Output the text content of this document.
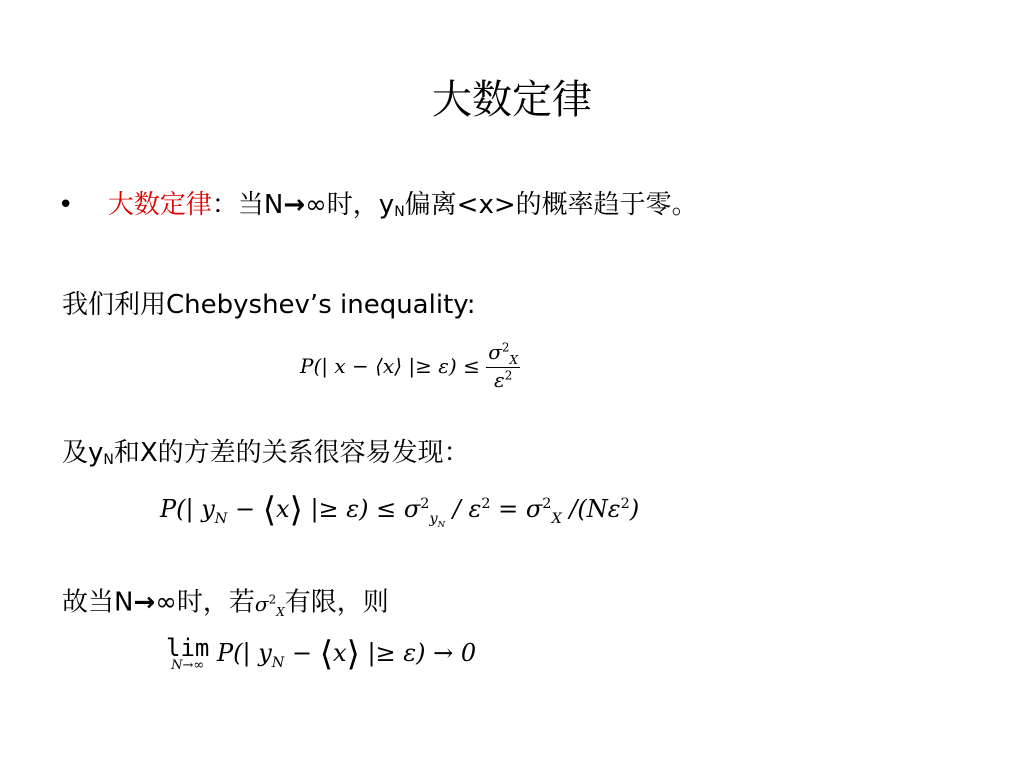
大数定律
• 大数定律：当N→∞时，$y_N$偏离<x>的概率趋于零。
我们利用Chebyshev’s inequality:
P(| x − ⟨x⟩ |≥ $\varepsilon) \le \frac{\sigma^2_X}{\varepsilon^2}$
及$y_N$和X的方差的关系很容易发现：
P(| $y_N$ − ⟨x⟩ |≥ $\varepsilon) \le \sigma^2_{y_N} / \varepsilon^2 = \sigma^2_X$ $/(N\varepsilon^2)$
故当N→∞时，若$\sigma^2_X$有限，则
lim
N→∞ P(| $y_N$ − ⟨x⟩ |≥ ε) → 0
